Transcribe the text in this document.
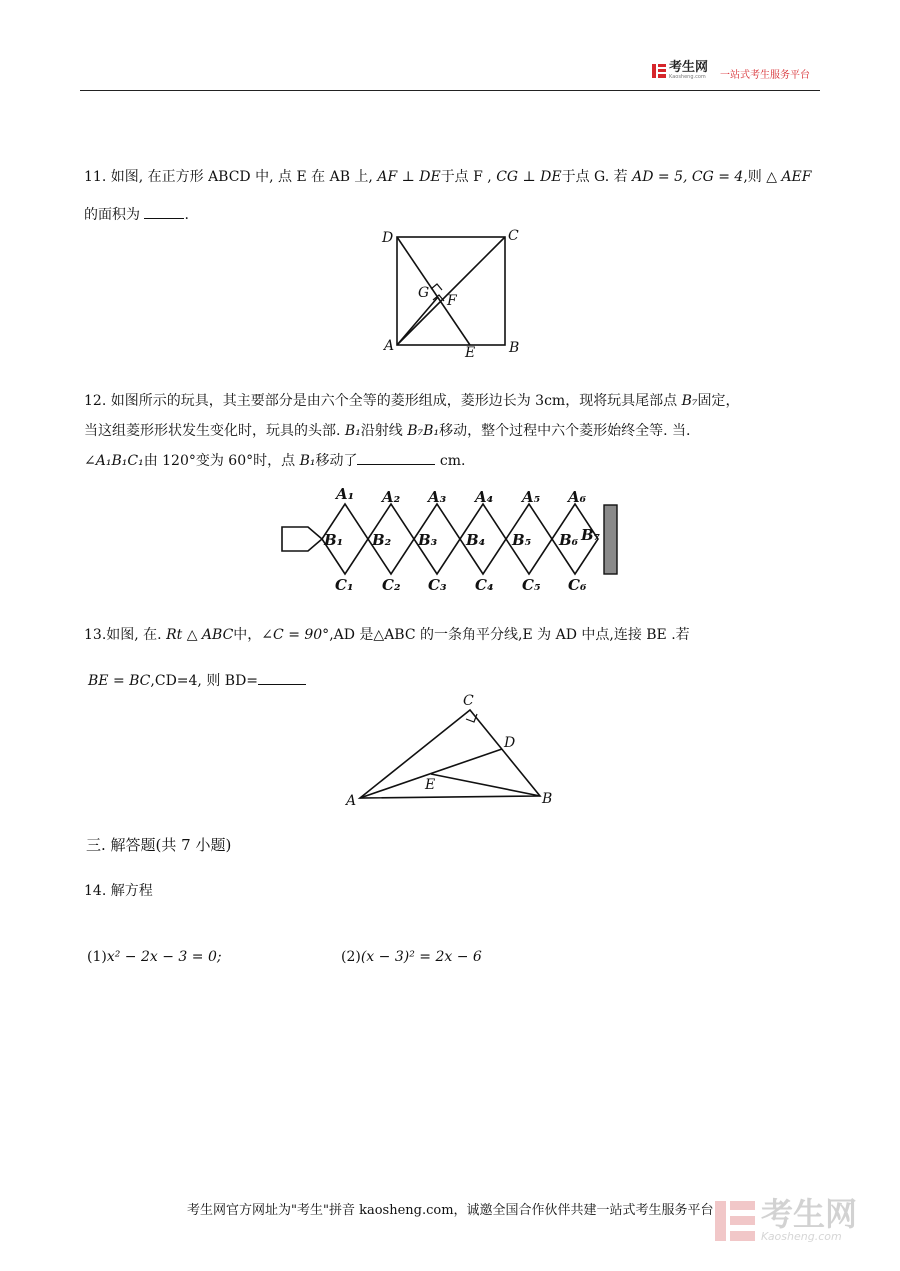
考生网
Kaosheng.com 一站式考生服务平台
11. 如图, 在正方形 ABCD 中, 点 E 在 AB 上, AF ⊥ DE于点 F , CG ⊥ DE于点 G. 若 AD = 5, CG = 4,则 △ AEF
的面积为	.
D	C
A	B
E
G F
12. 如图所示的玩具，其主要部分是由六个全等的菱形组成，菱形边长为 3cm，现将玩具尾部点 B₇固定，
当这组菱形形状发生变化时，玩具的头部. B₁沿射线 B₇B₁移动，整个过程中六个菱形始终全等. 当.
∠A₁B₁C₁由 120°变为 60°时，点 B₁移动了	cm.
A₁ A₂ A₃ A₄ A₅ A₆
B₁ B₂ B₃ B₄ B₅ B₆ B₇
C₁ C₂ C₃ C₄ C₅ C₆
13.如图, 在. Rt △ ABC中，∠C = 90°,AD 是△ABC 的一条角平分线,E 为 AD 中点,连接 BE .若
BE = BC,CD=4, 则 BD=
C
D
E
A	B
三. 解答题(共 7 小题)
14. 解方程
(1)x² − 2x − 3 = 0;	(2)(x − 3)² = 2x − 6
考生网官方网址为"考生"拼音 kaosheng.com，诚邀全国合作伙伴共建一站式考生服务平台 考生网
Kaosheng.com
